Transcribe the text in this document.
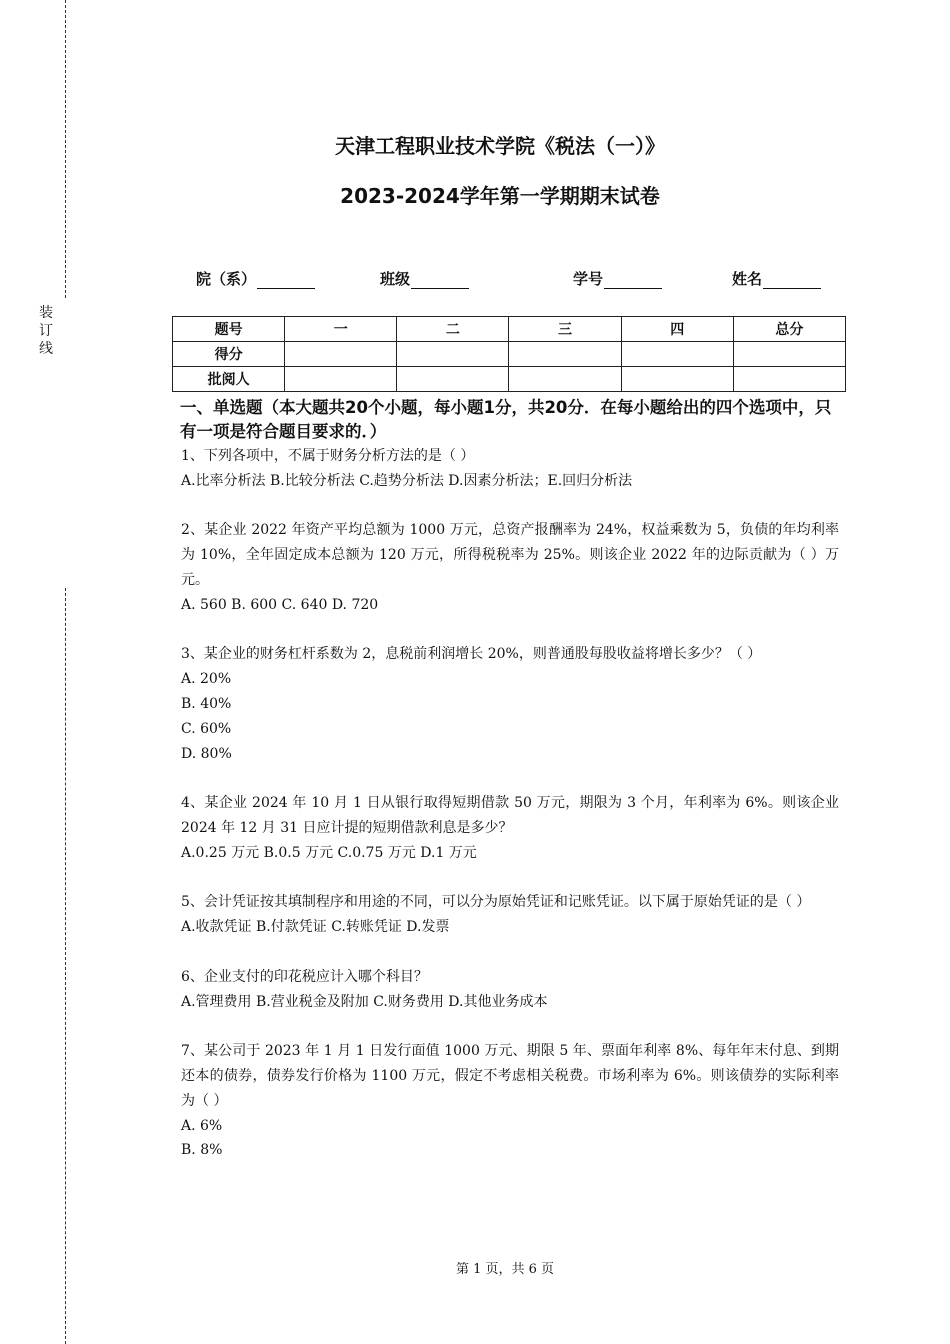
装订线
天津工程职业技术学院《税法（一）》
2023-2024学年第一学期期末试卷
院（系）	班级	学号	姓名
题号	一	二	三	四	总分
得分					
批阅人					
一、单选题（本大题共20个小题，每小题1分，共20分．在每小题给出的四个选项中，只有一项是符合题目要求的．）
1、下列各项中，不属于财务分析方法的是（ ）
A.比率分析法 B.比较分析法 C.趋势分析法 D.因素分析法；E.回归分析法
2、某企业 2022 年资产平均总额为 1000 万元，总资产报酬率为 24%，权益乘数为 5，负债的年均利率为 10%，全年固定成本总额为 120 万元，所得税税率为 25%。则该企业 2022 年的边际贡献为（ ）万元。
A. 560 B. 600 C. 640 D. 720
3、某企业的财务杠杆系数为 2，息税前利润增长 20%，则普通股每股收益将增长多少？（ ）
A. 20%
B. 40%
C. 60%
D. 80%
4、某企业 2024 年 10 月 1 日从银行取得短期借款 50 万元，期限为 3 个月，年利率为 6%。则该企业 2024 年 12 月 31 日应计提的短期借款利息是多少？
A.0.25 万元 B.0.5 万元 C.0.75 万元 D.1 万元
5、会计凭证按其填制程序和用途的不同，可以分为原始凭证和记账凭证。以下属于原始凭证的是（ ）
A.收款凭证 B.付款凭证 C.转账凭证 D.发票
6、企业支付的印花税应计入哪个科目？
A.管理费用 B.营业税金及附加 C.财务费用 D.其他业务成本
7、某公司于 2023 年 1 月 1 日发行面值 1000 万元、期限 5 年、票面年利率 8%、每年年末付息、到期还本的债券，债券发行价格为 1100 万元，假定不考虑相关税费。市场利率为 6%。则该债券的实际利率为（ ）
A. 6%
B. 8%
第 1 页，共 6 页
